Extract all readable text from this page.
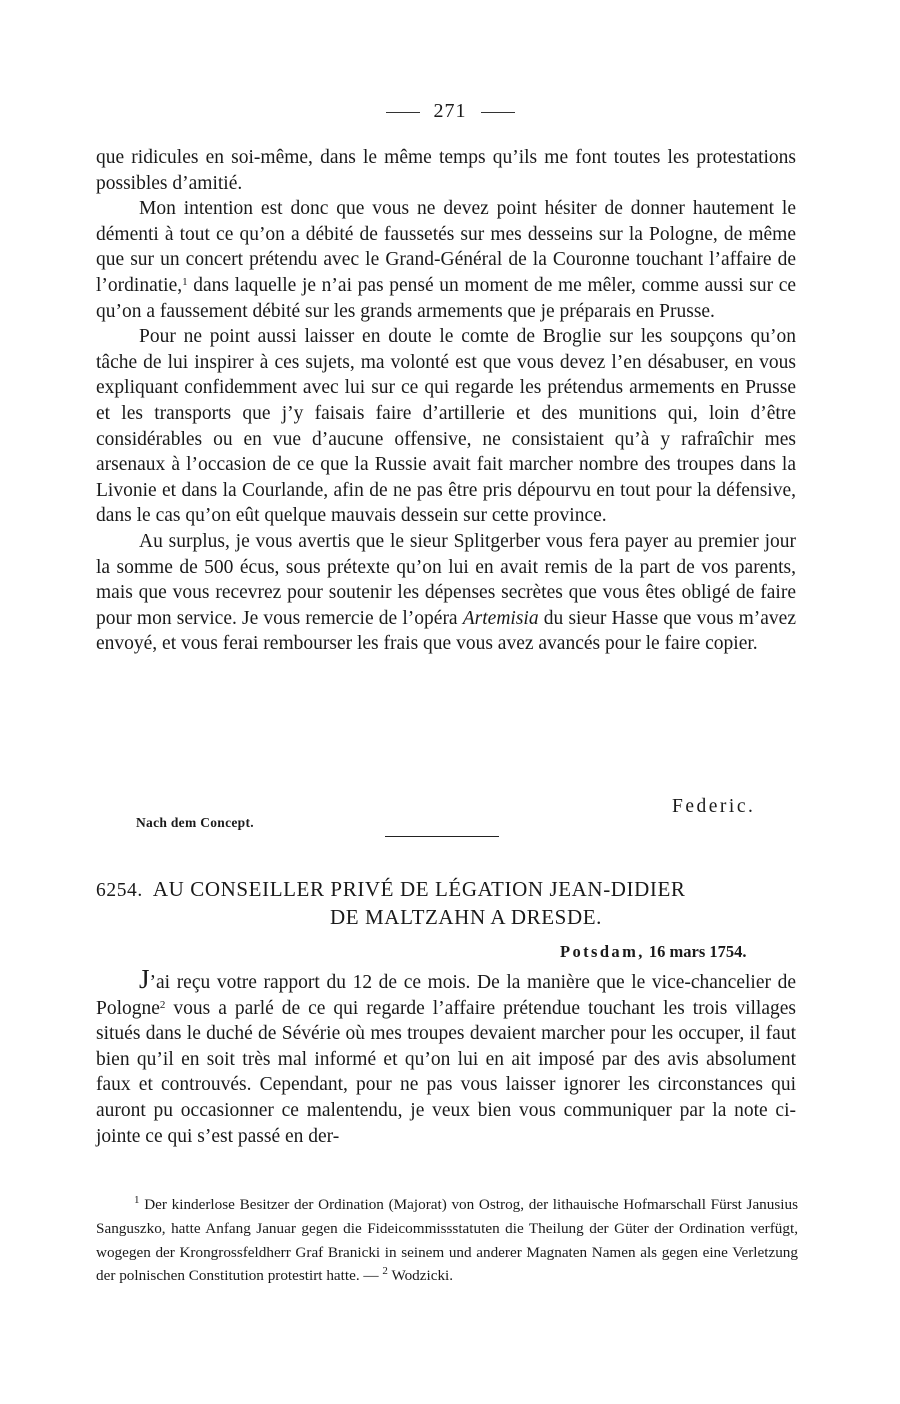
271

que ridicules en soi-même, dans le même temps qu’ils me font toutes les protestations possibles d’amitié.

Mon intention est donc que vous ne devez point hésiter de donner hautement le démenti à tout ce qu’on a débité de faussetés sur mes desseins sur la Pologne, de même que sur un concert prétendu avec le Grand-Général de la Couronne touchant l’affaire de l’ordinatie,$^1$ dans laquelle je n’ai pas pensé un moment de me mêler, comme aussi sur ce qu’on a faussement débité sur les grands armements que je préparais en Prusse.

Pour ne point aussi laisser en doute le comte de Broglie sur les soupçons qu’on tâche de lui inspirer à ces sujets, ma volonté est que vous devez l’en désabuser, en vous expliquant confidemment avec lui sur ce qui regarde les prétendus armements en Prusse et les transports que j’y faisais faire d’artillerie et des munitions qui, loin d’être considérables ou en vue d’aucune offensive, ne consistaient qu’à y rafraîchir mes arsenaux à l’occasion de ce que la Russie avait fait marcher nombre des troupes dans la Livonie et dans la Courlande, afin de ne pas être pris dépourvu en tout pour la défensive, dans le cas qu’on eût quelque mauvais dessein sur cette province.

Au surplus, je vous avertis que le sieur Splitgerber vous fera payer au premier jour la somme de 500 écus, sous prétexte qu’on lui en avait remis de la part de vos parents, mais que vous recevrez pour soutenir les dépenses secrètes que vous êtes obligé de faire pour mon service. Je vous remercie de l’opéra Artemisia du sieur Hasse que vous m’avez envoyé, et vous ferai rembourser les frais que vous avez avancés pour le faire copier.

Federic.
Nach dem Concept.
6254. AU CONSEILLER PRIVÉ DE LÉGATION JEAN-DIDIER
DE MALTZAHN A DRESDE.
Potsdam, 16 mars 1754.

J’ai reçu votre rapport du 12 de ce mois. De la manière que le vice-chancelier de Pologne$^2$ vous a parlé de ce qui regarde l’affaire prétendue touchant les trois villages situés dans le duché de Sévérie où mes troupes devaient marcher pour les occuper, il faut bien qu’il en soit très mal informé et qu’on lui en ait imposé par des avis absolument faux et controuvés. Cependant, pour ne pas vous laisser ignorer les circonstances qui auront pu occasionner ce malentendu, je veux bien vous communiquer par la note ci-jointe ce qui s’est passé en der-

$^1$ Der kinderlose Besitzer der Ordination (Majorat) von Ostrog, der lithauische Hofmarschall Fürst Janusius Sanguszko, hatte Anfang Januar gegen die Fideicommissstatuten die Theilung der Güter der Ordination verfügt, wogegen der Krongrossfeldherr Graf Branicki in seinem und anderer Magnaten Namen als gegen eine Verletzung der polnischen Constitution protestirt hatte. — $^2$ Wodzicki.
